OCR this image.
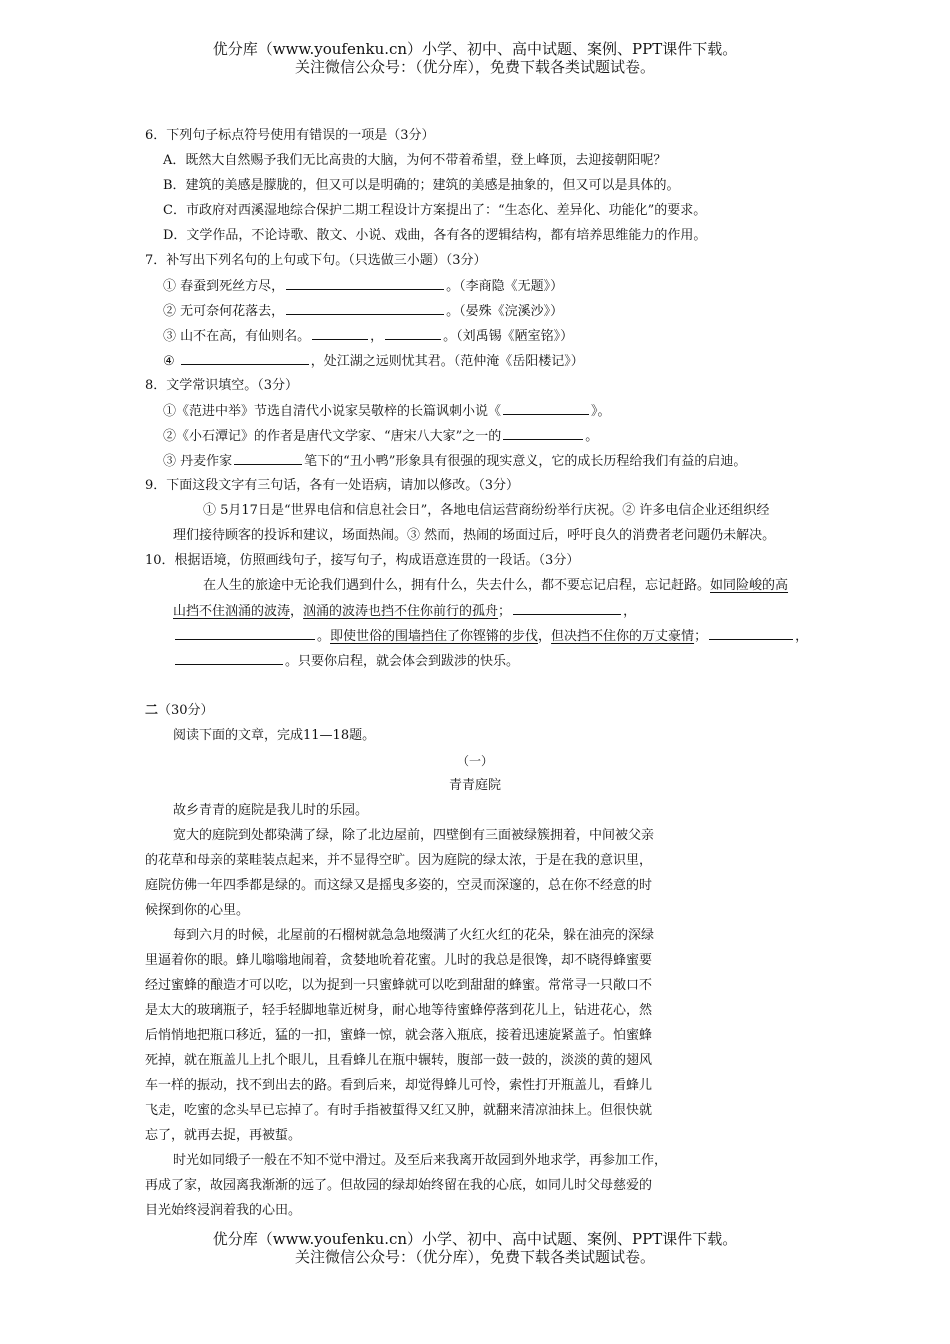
优分库（www.youfenku.cn）小学、初中、高中试题、案例、PPT课件下载。
关注微信公众号：（优分库），免费下载各类试题试卷。
6．下列句子标点符号使用有错误的一项是（3分）
A．既然大自然赐予我们无比高贵的大脑，为何不带着希望，登上峰顶，去迎接朝阳呢？
B．建筑的美感是朦胧的，但又可以是明确的；建筑的美感是抽象的，但又可以是具体的。
C．市政府对西溪湿地综合保护二期工程设计方案提出了：“生态化、差异化、功能化”的要求。
D．文学作品，不论诗歌、散文、小说、戏曲，各有各的逻辑结构，都有培养思维能力的作用。
7．补写出下列名句的上句或下句。（只选做三小题）（3分）
① 春蚕到死丝方尽，	。（李商隐《无题》）
② 无可奈何花落去，	。（晏殊《浣溪沙》）
③ 山不在高，有仙则名。	，	。（刘禹锡《陋室铭》）
④	，处江湖之远则忧其君。（范仲淹《岳阳楼记》）
8．文学常识填空。（3分）
①《范进中举》节选自清代小说家吴敬梓的长篇讽刺小说《	》。
②《小石潭记》的作者是唐代文学家、“唐宋八大家”之一的	。
③ 丹麦作家	笔下的“丑小鸭”形象具有很强的现实意义，它的成长历程给我们有益的启迪。
9．下面这段文字有三句话，各有一处语病，请加以修改。（3分）
① 5月17日是“世界电信和信息社会日”，各地电信运营商纷纷举行庆祝。② 许多电信企业还组织经
理们接待顾客的投诉和建议，场面热闹。③ 然而，热闹的场面过后，呼吁良久的消费者老问题仍未解决。
10．根据语境，仿照画线句子，接写句子，构成语意连贯的一段话。（3分）
在人生的旅途中无论我们遇到什么，拥有什么，失去什么，都不要忘记启程，忘记赶路。如同险峻的高
山挡不住汹涌的波涛，汹涌的波涛也挡不住你前行的孤舟；	，
。即使世俗的围墙挡住了你铿锵的步伐，但决挡不住你的万丈豪情；	，
。只要你启程，就会体会到跋涉的快乐。
二（30分）
阅读下面的文章，完成11—18题。
（一）
青青庭院
故乡青青的庭院是我儿时的乐园。
宽大的庭院到处都染满了绿，除了北边屋前，四壁倒有三面被绿簇拥着，中间被父亲
的花草和母亲的菜畦装点起来，并不显得空旷。因为庭院的绿太浓，于是在我的意识里，
庭院仿佛一年四季都是绿的。而这绿又是摇曳多姿的，空灵而深邃的，总在你不经意的时
候探到你的心里。
每到六月的时候，北屋前的石榴树就急急地缀满了火红火红的花朵，躲在油亮的深绿
里逼着你的眼。蜂儿嗡嗡地闹着，贪婪地吮着花蜜。儿时的我总是很馋，却不晓得蜂蜜要
经过蜜蜂的酿造才可以吃，以为捉到一只蜜蜂就可以吃到甜甜的蜂蜜。常常寻一只敞口不
是太大的玻璃瓶子，轻手轻脚地靠近树身，耐心地等待蜜蜂停落到花儿上，钻进花心，然
后悄悄地把瓶口移近，猛的一扣，蜜蜂一惊，就会落入瓶底，接着迅速旋紧盖子。怕蜜蜂
死掉，就在瓶盖儿上扎个眼儿，且看蜂儿在瓶中辗转，腹部一鼓一鼓的，淡淡的黄的翅风
车一样的振动，找不到出去的路。看到后来，却觉得蜂儿可怜，索性打开瓶盖儿，看蜂儿
飞走，吃蜜的念头早已忘掉了。有时手指被蜇得又红又肿，就翻来清凉油抹上。但很快就
忘了，就再去捉，再被蜇。
时光如同缎子一般在不知不觉中滑过。及至后来我离开故园到外地求学，再参加工作，
再成了家，故园离我渐渐的远了。但故园的绿却始终留在我的心底，如同儿时父母慈爱的
目光始终浸润着我的心田。
优分库（www.youfenku.cn）小学、初中、高中试题、案例、PPT课件下载。
关注微信公众号：（优分库），免费下载各类试题试卷。
